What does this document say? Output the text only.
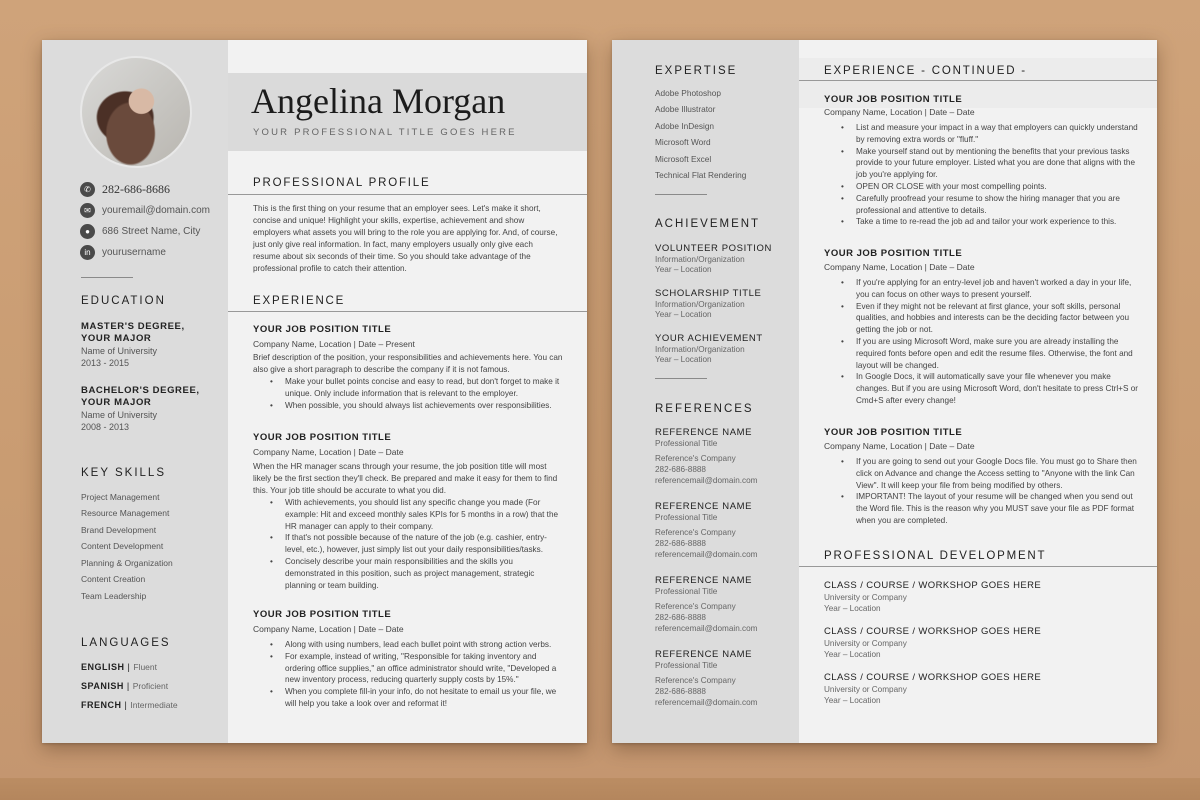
✆ 282-686-8686
✉	youremail@domain.com
●	686 Street Name, City
in	yourusername
EDUCATION
MASTER'S DEGREE,
YOUR MAJOR
Name of University
2013 - 2015
BACHELOR'S DEGREE,
YOUR MAJOR
Name of University
2008 - 2013
KEY SKILLS
Project Management
Resource Management
Brand Development
Content Development
Planning & Organization
Content Creation
Team Leadership
LANGUAGES
ENGLISH | Fluent
SPANISH | Proficient
FRENCH | Intermediate
Angelina Morgan
YOUR PROFESSIONAL TITLE GOES HERE
PROFESSIONAL PROFILE
This is the first thing on your resume that an employer sees. Let's make it short, concise and unique! Highlight your skills, expertise, achievement and show employers what assets you will bring to the role you are applying for. And, of course, just only give real information. In fact, many employers usually only give each resume about six seconds of their time. So you should take advantage of the professional profile to catch their attention.
EXPERIENCE
YOUR JOB POSITION TITLE
Company Name, Location | Date – Present
Brief description of the position, your responsibilities and achievements here. You can also give a short paragraph to describe the company if it is not famous.
• Make your bullet points concise and easy to read, but don't forget to make it unique. Only include information that is relevant to the employer.
• When possible, you should always list achievements over responsibilities.
YOUR JOB POSITION TITLE
Company Name, Location | Date – Date
When the HR manager scans through your resume, the job position title will most likely be the first section they'll check. Be prepared and make it easy for them to find this. Your job title should be accurate to what you did.
• With achievements, you should list any specific change you made (For example: Hit and exceed monthly sales KPIs for 5 months in a row) that the HR manager can apply to their company.
• If that's not possible because of the nature of the job (e.g. cashier, entry-level, etc.), however, just simply list out your daily responsibilities/tasks.
• Concisely describe your main responsibilities and the skills you demonstrated in this position, such as project management, strategic planning or team building.
YOUR JOB POSITION TITLE
Company Name, Location | Date – Date
• Along with using numbers, lead each bullet point with strong action verbs.
• For example, instead of writing, "Responsible for taking inventory and ordering office supplies," an office administrator should write, "Developed a new inventory process, reducing quarterly supply costs by 15%."
• When you complete fill-in your info, do not hesitate to email us your file, we will help you take a look over and reformat it!
EXPERTISE
Adobe Photoshop
Adobe Illustrator
Adobe InDesign
Microsoft Word
Microsoft Excel
Technical Flat Rendering
ACHIEVEMENT
VOLUNTEER POSITION
Information/Organization
Year – Location
SCHOLARSHIP TITLE
Information/Organization
Year – Location
YOUR ACHIEVEMENT
Information/Organization
Year – Location
REFERENCES
REFERENCE NAME
Professional Title
Reference's Company
282-686-8888
referencemail@domain.com
REFERENCE NAME
Professional Title
Reference's Company
282-686-8888
referencemail@domain.com
REFERENCE NAME
Professional Title
Reference's Company
282-686-8888
referencemail@domain.com
REFERENCE NAME
Professional Title
Reference's Company
282-686-8888
referencemail@domain.com
EXPERIENCE - CONTINUED -
YOUR JOB POSITION TITLE
Company Name, Location | Date – Date
• List and measure your impact in a way that employers can quickly understand by removing extra words or "fluff."
• Make yourself stand out by mentioning the benefits that your previous tasks provide to your future employer. Listed what you are done that aligns with the job you're applying for.
• OPEN OR CLOSE with your most compelling points.
• Carefully proofread your resume to show the hiring manager that you are professional and attentive to details.
• Take a time to re-read the job ad and tailor your work experience to this.
YOUR JOB POSITION TITLE
Company Name, Location | Date – Date
• If you're applying for an entry-level job and haven't worked a day in your life, you can focus on other ways to present yourself.
• Even if they might not be relevant at first glance, your soft skills, personal qualities, and hobbies and interests can be the deciding factor between you getting the job or not.
• If you are using Microsoft Word, make sure you are already installing the required fonts before open and edit the resume files. Otherwise, the font and layout will be changed.
• In Google Docs, it will automatically save your file whenever you make changes. But if you are using Microsoft Word, don't hesitate to press Ctrl+S or Cmd+S after every change!
YOUR JOB POSITION TITLE
Company Name, Location | Date – Date
• If you are going to send out your Google Docs file. You must go to Share then click on Advance and change the Access setting to "Anyone with the link Can View". It will keep your file from being modified by others.
• IMPORTANT! The layout of your resume will be changed when you send out the Word file. This is the reason why you MUST save your file as PDF format when you are completed.
PROFESSIONAL DEVELOPMENT
CLASS / COURSE / WORKSHOP GOES HERE
University or Company
Year – Location
CLASS / COURSE / WORKSHOP GOES HERE
University or Company
Year – Location
CLASS / COURSE / WORKSHOP GOES HERE
University or Company
Year – Location
